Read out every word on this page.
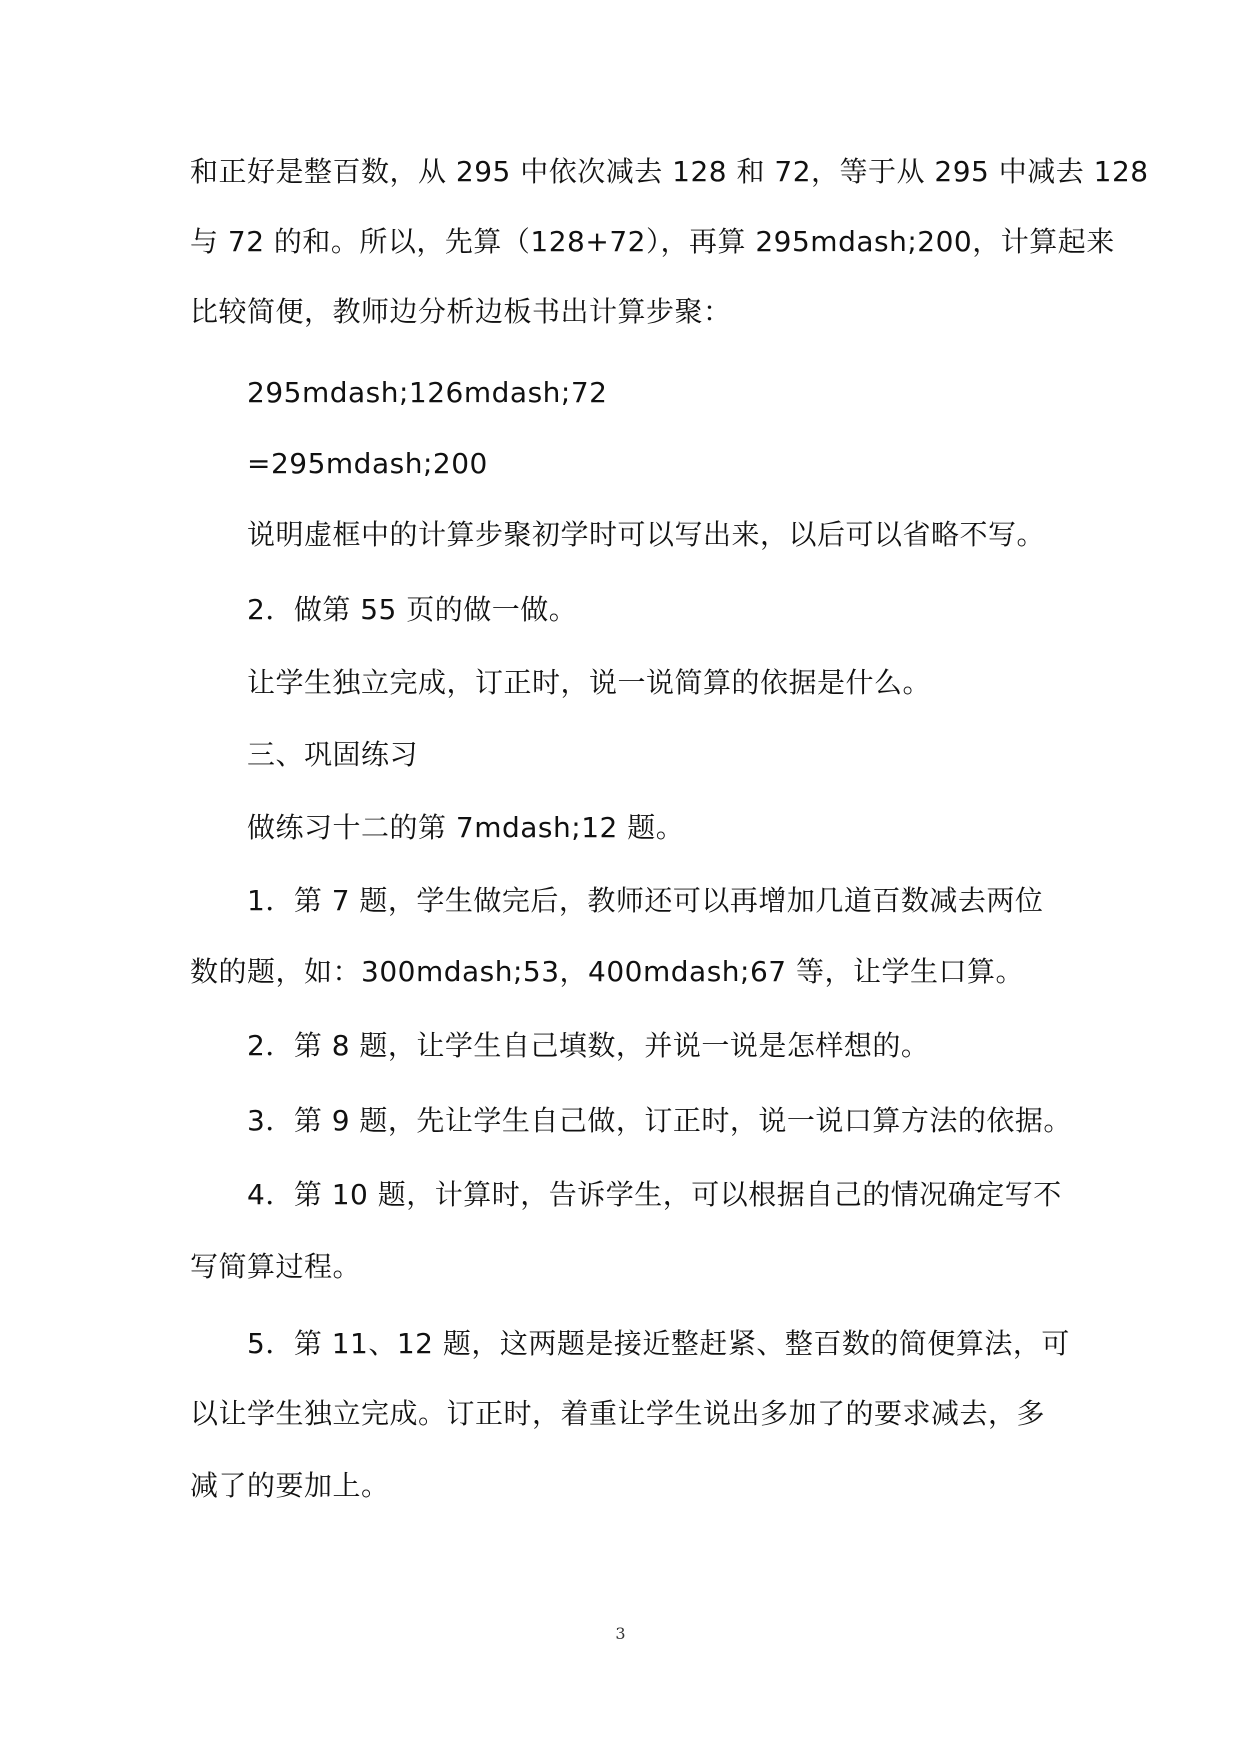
和正好是整百数，从 295 中依次减去 128 和 72，等于从 295 中减去 128
与 72 的和。所以，先算（128+72），再算 295mdash;200，计算起来
比较简便，教师边分析边板书出计算步聚：
295mdash;126mdash;72
=295mdash;200
说明虚框中的计算步聚初学时可以写出来，以后可以省略不写。
2．做第 55 页的做一做。
让学生独立完成，订正时，说一说简算的依据是什么。
三、巩固练习
做练习十二的第 7mdash;12 题。
1．第 7 题，学生做完后，教师还可以再增加几道百数减去两位
数的题，如：300mdash;53，400mdash;67 等，让学生口算。
2．第 8 题，让学生自己填数，并说一说是怎样想的。
3．第 9 题，先让学生自己做，订正时，说一说口算方法的依据。
4．第 10 题，计算时，告诉学生，可以根据自己的情况确定写不
写简算过程。
5．第 11、12 题，这两题是接近整赶紧、整百数的简便算法，可
以让学生独立完成。订正时，着重让学生说出多加了的要求减去，多
减了的要加上。
3
